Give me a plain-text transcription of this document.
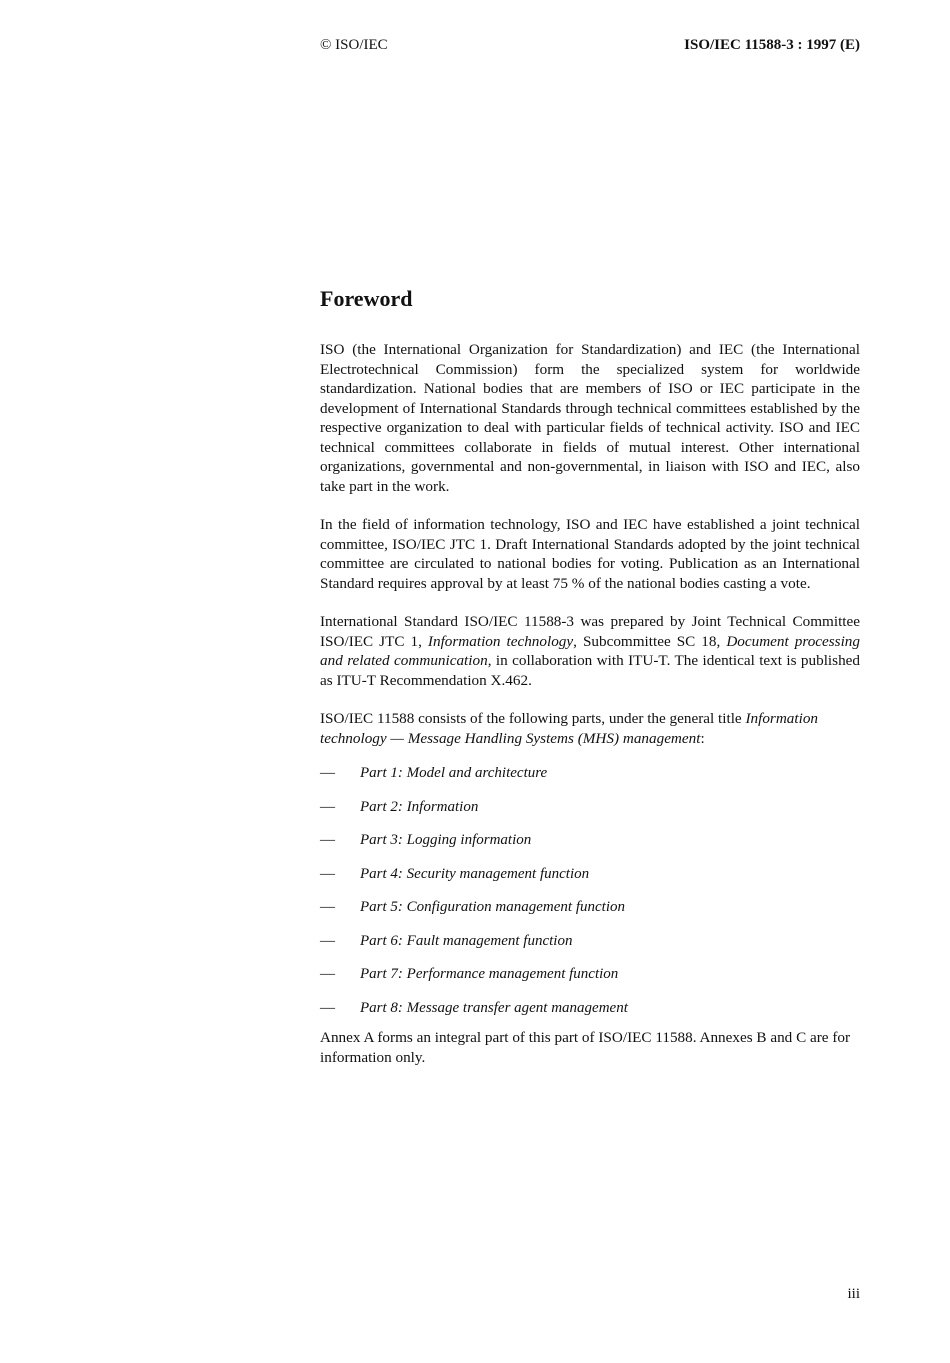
© ISO/IEC	ISO/IEC 11588-3 : 1997 (E)
Foreword

ISO (the International Organization for Standardization) and IEC (the International Electrotechnical Commission) form the specialized system for worldwide standardization. National bodies that are members of ISO or IEC participate in the development of International Standards through technical committees established by the respective organization to deal with particular fields of technical activity. ISO and IEC technical committees collaborate in fields of mutual interest. Other international organizations, governmental and non-governmental, in liaison with ISO and IEC, also take part in the work.

In the field of information technology, ISO and IEC have established a joint technical committee, ISO/IEC JTC 1. Draft International Standards adopted by the joint technical committee are circulated to national bodies for voting. Publication as an International Standard requires approval by at least 75 % of the national bodies casting a vote.

International Standard ISO/IEC 11588-3 was prepared by Joint Technical Committee ISO/IEC JTC 1, Information technology, Subcommittee SC 18, Document processing and related communication, in collaboration with ITU-T. The identical text is published as ITU-T Recommendation X.462.

ISO/IEC 11588 consists of the following parts, under the general title Information technology — Message Handling Systems (MHS) management:

— Part 1: Model and architecture
— Part 2: Information
— Part 3: Logging information
— Part 4: Security management function
— Part 5: Configuration management function
— Part 6: Fault management function
— Part 7: Performance management function
— Part 8: Message transfer agent management

Annex A forms an integral part of this part of ISO/IEC 11588. Annexes B and C are for information only.

iii
